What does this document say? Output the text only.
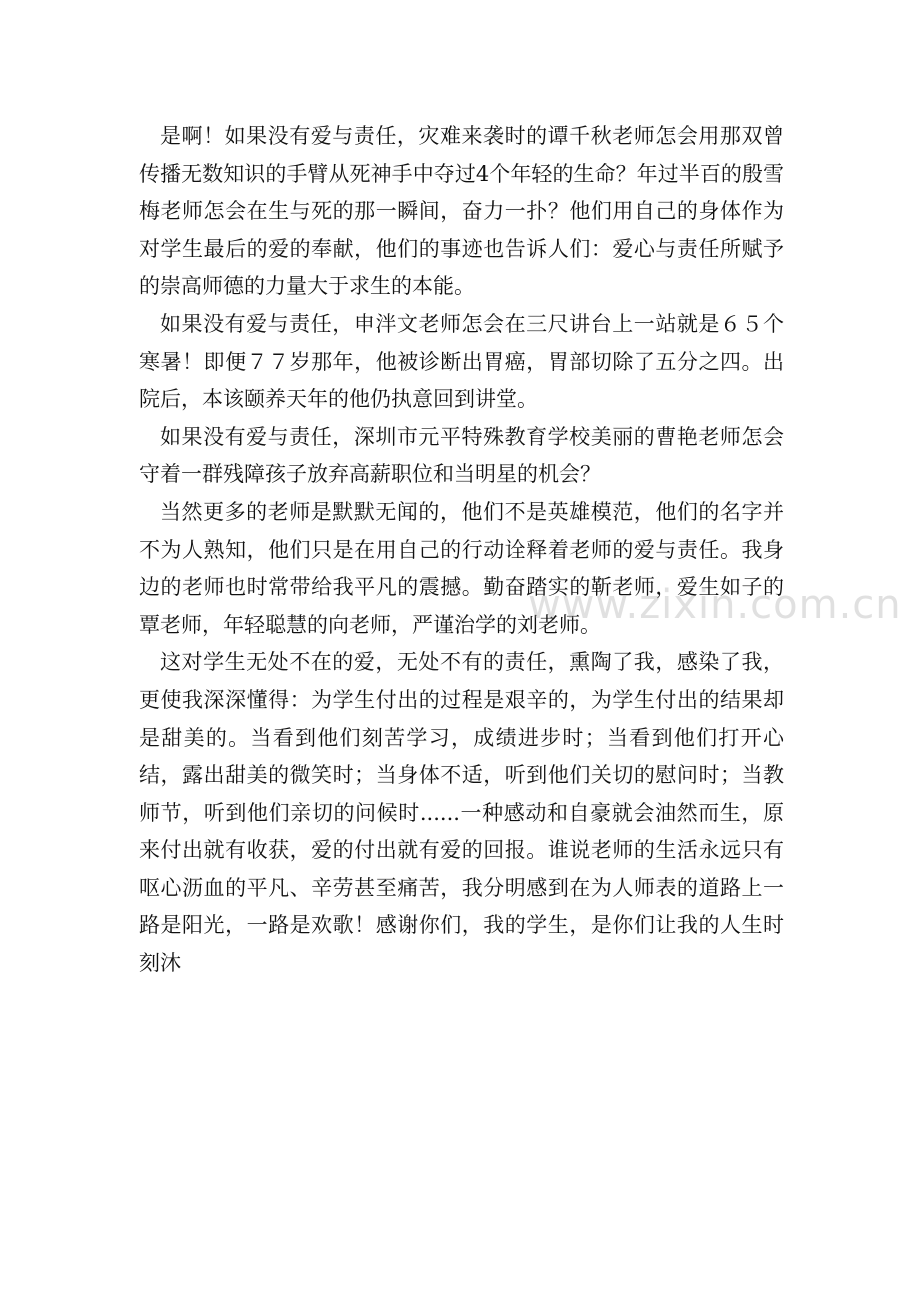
是啊！如果没有爱与责任，灾难来袭时的谭千秋老师怎会用那双曾传播无数知识的手臂从死神手中夺过4个年轻的生命？年过半百的殷雪梅老师怎会在生与死的那一瞬间，奋力一扑？他们用自己的身体作为对学生最后的爱的奉献，他们的事迹也告诉人们：爱心与责任所赋予的崇高师德的力量大于求生的本能。

如果没有爱与责任，申泮文老师怎会在三尺讲台上一站就是６５个寒暑！即便７７岁那年，他被诊断出胃癌，胃部切除了五分之四。出院后，本该颐养天年的他仍执意回到讲堂。

如果没有爱与责任，深圳市元平特殊教育学校美丽的曹艳老师怎会守着一群残障孩子放弃高薪职位和当明星的机会？

当然更多的老师是默默无闻的，他们不是英雄模范，他们的名字并不为人熟知，他们只是在用自己的行动诠释着老师的爱与责任。我身边的老师也时常带给我平凡的震撼。勤奋踏实的靳老师，爱生如子的覃老师，年轻聪慧的向老师，严谨治学的刘老师。

这对学生无处不在的爱，无处不有的责任，熏陶了我，感染了我，更使我深深懂得：为学生付出的过程是艰辛的，为学生付出的结果却是甜美的。当看到他们刻苦学习，成绩进步时；当看到他们打开心结，露出甜美的微笑时；当身体不适，听到他们关切的慰问时；当教师节，听到他们亲切的问候时......一种感动和自豪就会油然而生，原来付出就有收获，爱的付出就有爱的回报。谁说老师的生活永远只有呕心沥血的平凡、辛劳甚至痛苦，我分明感到在为人师表的道路上一路是阳光，一路是欢歌！感谢你们，我的学生，是你们让我的人生时刻沐

www.zixin.com.cn
